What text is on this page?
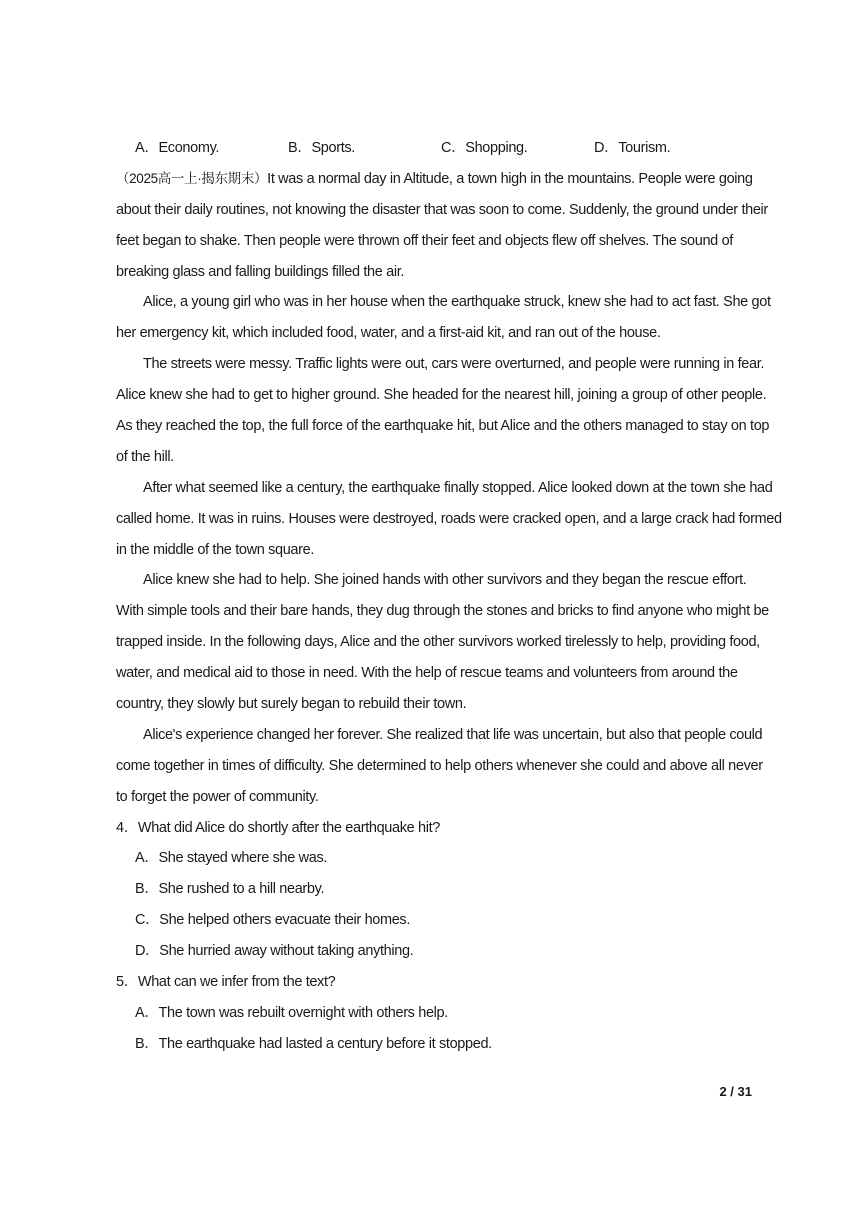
A．Economy.	B．Sports.	C．Shopping.	D．Tourism.
（2025高一上·揭东期末）It was a normal day in Altitude, a town high in the mountains. People were going
about their daily routines, not knowing the disaster that was soon to come. Suddenly, the ground under their
feet began to shake. Then people were thrown off their feet and objects flew off shelves. The sound of
breaking glass and falling buildings filled the air.
Alice, a young girl who was in her house when the earthquake struck, knew she had to act fast. She got
her emergency kit, which included food, water, and a first-aid kit, and ran out of the house.
The streets were messy. Traffic lights were out, cars were overturned, and people were running in fear.
Alice knew she had to get to higher ground. She headed for the nearest hill, joining a group of other people.
As they reached the top, the full force of the earthquake hit, but Alice and the others managed to stay on top
of the hill.
After what seemed like a century, the earthquake finally stopped. Alice looked down at the town she had
called home. It was in ruins. Houses were destroyed, roads were cracked open, and a large crack had formed
in the middle of the town square.
Alice knew she had to help. She joined hands with other survivors and they began the rescue effort.
With simple tools and their bare hands, they dug through the stones and bricks to find anyone who might be
trapped inside. In the following days, Alice and the other survivors worked tirelessly to help, providing food,
water, and medical aid to those in need. With the help of rescue teams and volunteers from around the
country, they slowly but surely began to rebuild their town.
Alice's experience changed her forever. She realized that life was uncertain, but also that people could
come together in times of difficulty. She determined to help others whenever she could and above all never
to forget the power of community.
4．What did Alice do shortly after the earthquake hit?
A．She stayed where she was.
B．She rushed to a hill nearby.
C．She helped others evacuate their homes.
D．She hurried away without taking anything.
5．What can we infer from the text?
A．The town was rebuilt overnight with others help.
B．The earthquake had lasted a century before it stopped.
2 / 31
